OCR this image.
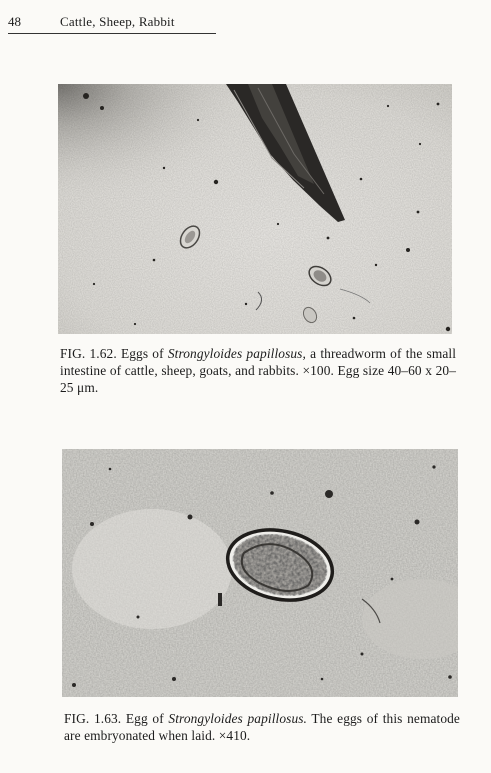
48	Cattle, Sheep, Rabbit

FIG. 1.62. Eggs of Strongyloides papillosus, a threadworm of the small intestine of cattle, sheep, goats, and rabbits. ×100. Egg size 40–60 x 20–25 μm.

FIG. 1.63. Egg of Strongyloides papillosus. The eggs of this nematode are embryonated when laid. ×410.
